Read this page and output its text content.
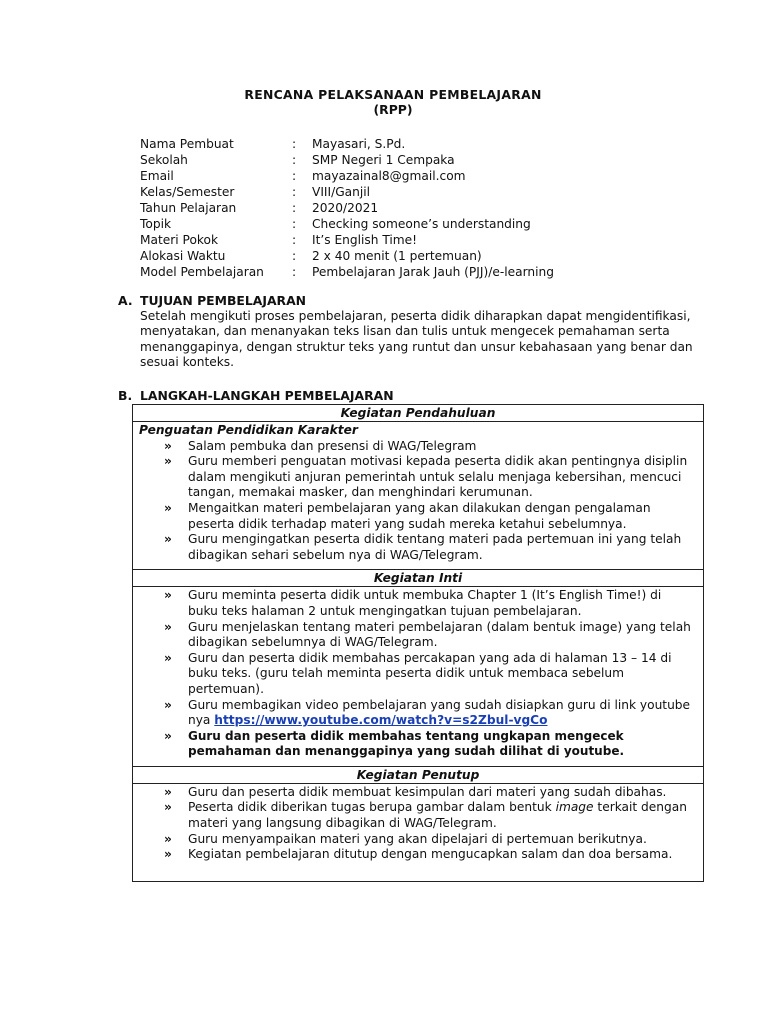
RENCANA PELAKSANAAN PEMBELAJARAN
(RPP)
Nama Pembuat	:	Mayasari, S.Pd.
Sekolah	:	SMP Negeri 1 Cempaka
Email	:	mayazainal8@gmail.com
Kelas/Semester	:	VIII/Ganjil
Tahun Pelajaran	:	2020/2021
Topik	:	Checking someone’s understanding
Materi Pokok	:	It’s English Time!
Alokasi Waktu	:	2 x 40 menit (1 pertemuan)
Model Pembelajaran	:	Pembelajaran Jarak Jauh (PJJ)/e-learning
A. TUJUAN PEMBELAJARAN
Setelah mengikuti proses pembelajaran, peserta didik diharapkan dapat mengidentifikasi, menyatakan, dan menanyakan teks lisan dan tulis untuk mengecek pemahaman serta menanggapinya, dengan struktur teks yang runtut dan unsur kebahasaan yang benar dan sesuai konteks.
B. LANGKAH-LANGKAH PEMBELAJARAN
Kegiatan Pendahuluan
Penguatan Pendidikan Karakter
»	Salam pembuka dan presensi di WAG/Telegram
»	Guru memberi penguatan motivasi kepada peserta didik akan pentingnya disiplin dalam mengikuti anjuran pemerintah untuk selalu menjaga kebersihan, mencuci tangan, memakai masker, dan menghindari kerumunan.
»	Mengaitkan materi pembelajaran yang akan dilakukan dengan pengalaman peserta didik terhadap materi yang sudah mereka ketahui sebelumnya.
»	Guru mengingatkan peserta didik tentang materi pada pertemuan ini yang telah dibagikan sehari sebelum nya di WAG/Telegram.
Kegiatan Inti
»	Guru meminta peserta didik untuk membuka Chapter 1 (It’s English Time!) di buku teks halaman 2 untuk mengingatkan tujuan pembelajaran.
»	Guru menjelaskan tentang materi pembelajaran (dalam bentuk image) yang telah dibagikan sebelumnya di WAG/Telegram.
»	Guru dan peserta didik membahas percakapan yang ada di halaman 13 – 14 di buku teks. (guru telah meminta peserta didik untuk membaca sebelum pertemuan).
»	Guru membagikan video pembelajaran yang sudah disiapkan guru di link youtube nya https://www.youtube.com/watch?v=s2Zbul-vgCo
»	Guru dan peserta didik membahas tentang ungkapan mengecek pemahaman dan menanggapinya yang sudah dilihat di youtube.
Kegiatan Penutup
»	Guru dan peserta didik membuat kesimpulan dari materi yang sudah dibahas.
»	Peserta didik diberikan tugas berupa gambar dalam bentuk image terkait dengan materi yang langsung dibagikan di WAG/Telegram.
»	Guru menyampaikan materi yang akan dipelajari di pertemuan berikutnya.
»	Kegiatan pembelajaran ditutup dengan mengucapkan salam dan doa bersama.
